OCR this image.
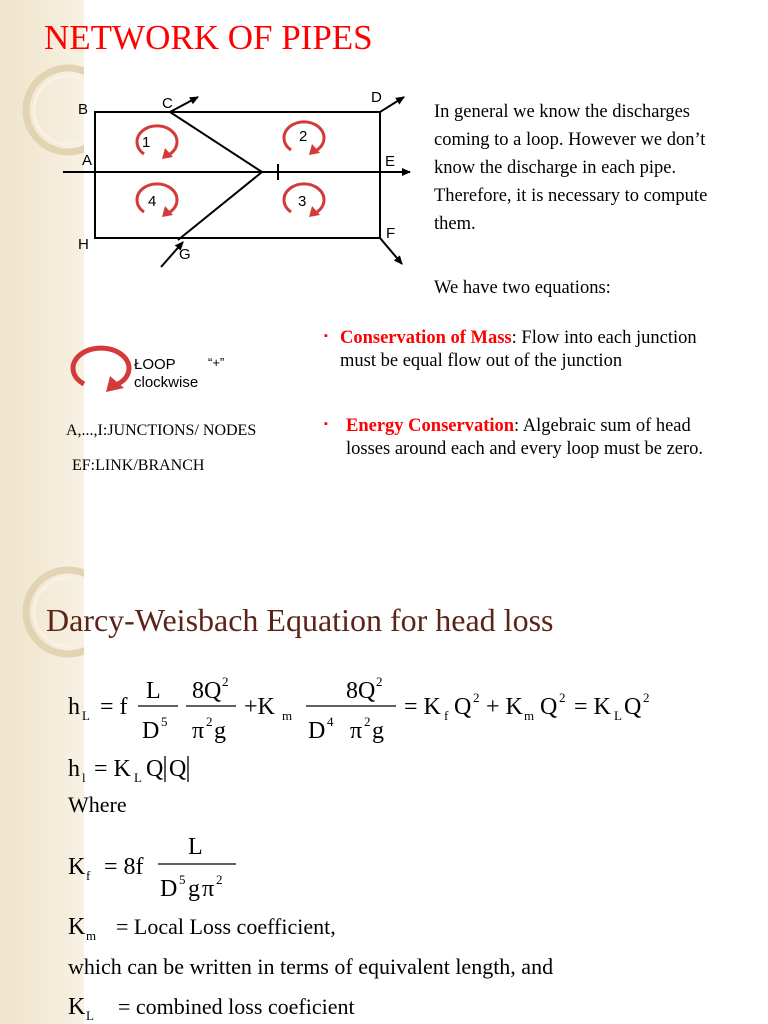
NETWORK OF PIPES
B	C	D
A	E
F
H
G
1	2
3
4

In general we know the discharges coming to a loop. However we don’t know the discharge in each pipe. Therefore, it is necessary to compute them.

We have two equations:

ŁOOP	“+”
clockwise
A,...,I:JUNCTIONS/ NODES
EF:LINK/BRANCH
▪ Conservation of Mass: Flow into each junction must be equal flow out of the junction

▪ Energy Conservation: Algebraic sum of head losses around each and every loop must be zero.

Darcy-Weisbach Equation for head loss
h L = f
L
D 5
8Q 2
π 2 g
+K m
8Q 2
D 4 π 2 g
= K f Q 2 + K m Q 2 = K L Q 2
h l = K L Q Q
Where
K f = 8f
L
D 5 g π 2
K m = Local Loss coefficient,
which can be written in terms of equivalent length, and
K L = combined loss coeficient
